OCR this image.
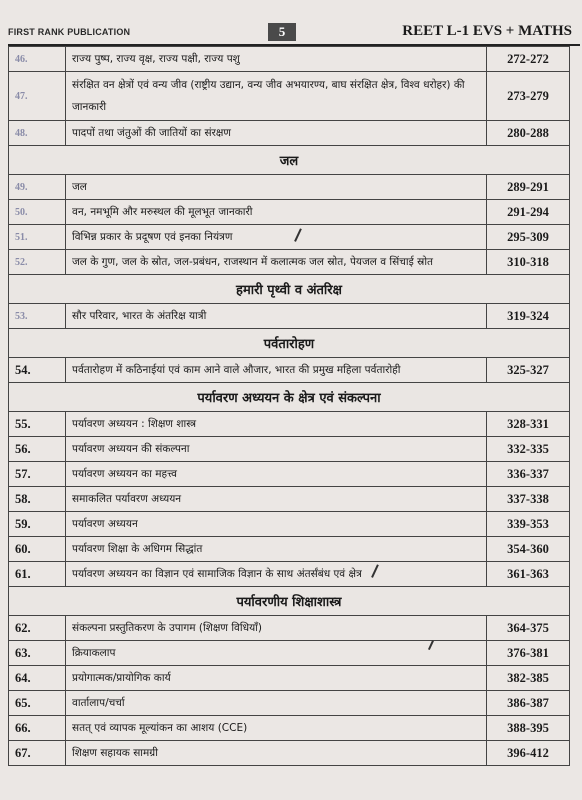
FIRST RANK PUBLICATION	5	REET L-1 EVS + MATHS
46.	राज्य पुष्प, राज्य वृक्ष, राज्य पक्षी, राज्य पशु	272-272
47.	संरक्षित वन क्षेत्रों एवं वन्य जीव (राष्ट्रीय उद्यान, वन्य जीव अभयारण्य, बाघ संरक्षित क्षेत्र, विश्व धरोहर) की जानकारी	273-279
48.	पादपों तथा जंतुओं की जातियों का संरक्षण	280-288
जल		
49.	जल	289-291
50.	वन, नमभूमि और मरुस्थल की मूलभूत जानकारी	291-294
51.	विभिन्न प्रकार के प्रदूषण एवं इनका नियंत्रण	295-309
52.	जल के गुण, जल के स्रोत, जल-प्रबंधन, राजस्थान में कलात्मक जल स्रोत, पेयजल व सिंचाई स्रोत	310-318
हमारी पृथ्वी व अंतरिक्ष		
53.	सौर परिवार, भारत के अंतरिक्ष यात्री	319-324
पर्वतारोहण		
54.	पर्वतारोहण में कठिनाईयां एवं काम आने वाले औजार, भारत की प्रमुख महिला पर्वतारोही	325-327
पर्यावरण अध्ययन के क्षेत्र एवं संकल्पना		
55.	पर्यावरण अध्ययन : शिक्षण शास्त्र	328-331
56.	पर्यावरण अध्ययन की संकल्पना	332-335
57.	पर्यावरण अध्ययन का महत्त्व	336-337
58.	समाकलित पर्यावरण अध्ययन	337-338
59.	पर्यावरण अध्ययन	339-353
60.	पर्यावरण शिक्षा के अधिगम सिद्धांत	354-360
61.	पर्यावरण अध्ययन का विज्ञान एवं सामाजिक विज्ञान के साथ अंतर्संबंध एवं क्षेत्र	361-363
पर्यावरणीय शिक्षाशास्त्र		
62.	संकल्पना प्रस्तुतिकरण के उपागम (शिक्षण विधियाँ)	364-375
63.	क्रियाकलाप	376-381
64.	प्रयोगात्मक/प्रायोगिक कार्य	382-385
65.	वार्तालाप/चर्चा	386-387
66.	सतत् एवं व्यापक मूल्यांकन का आशय (CCE)	388-395
67.	शिक्षण सहायक सामग्री	396-412
